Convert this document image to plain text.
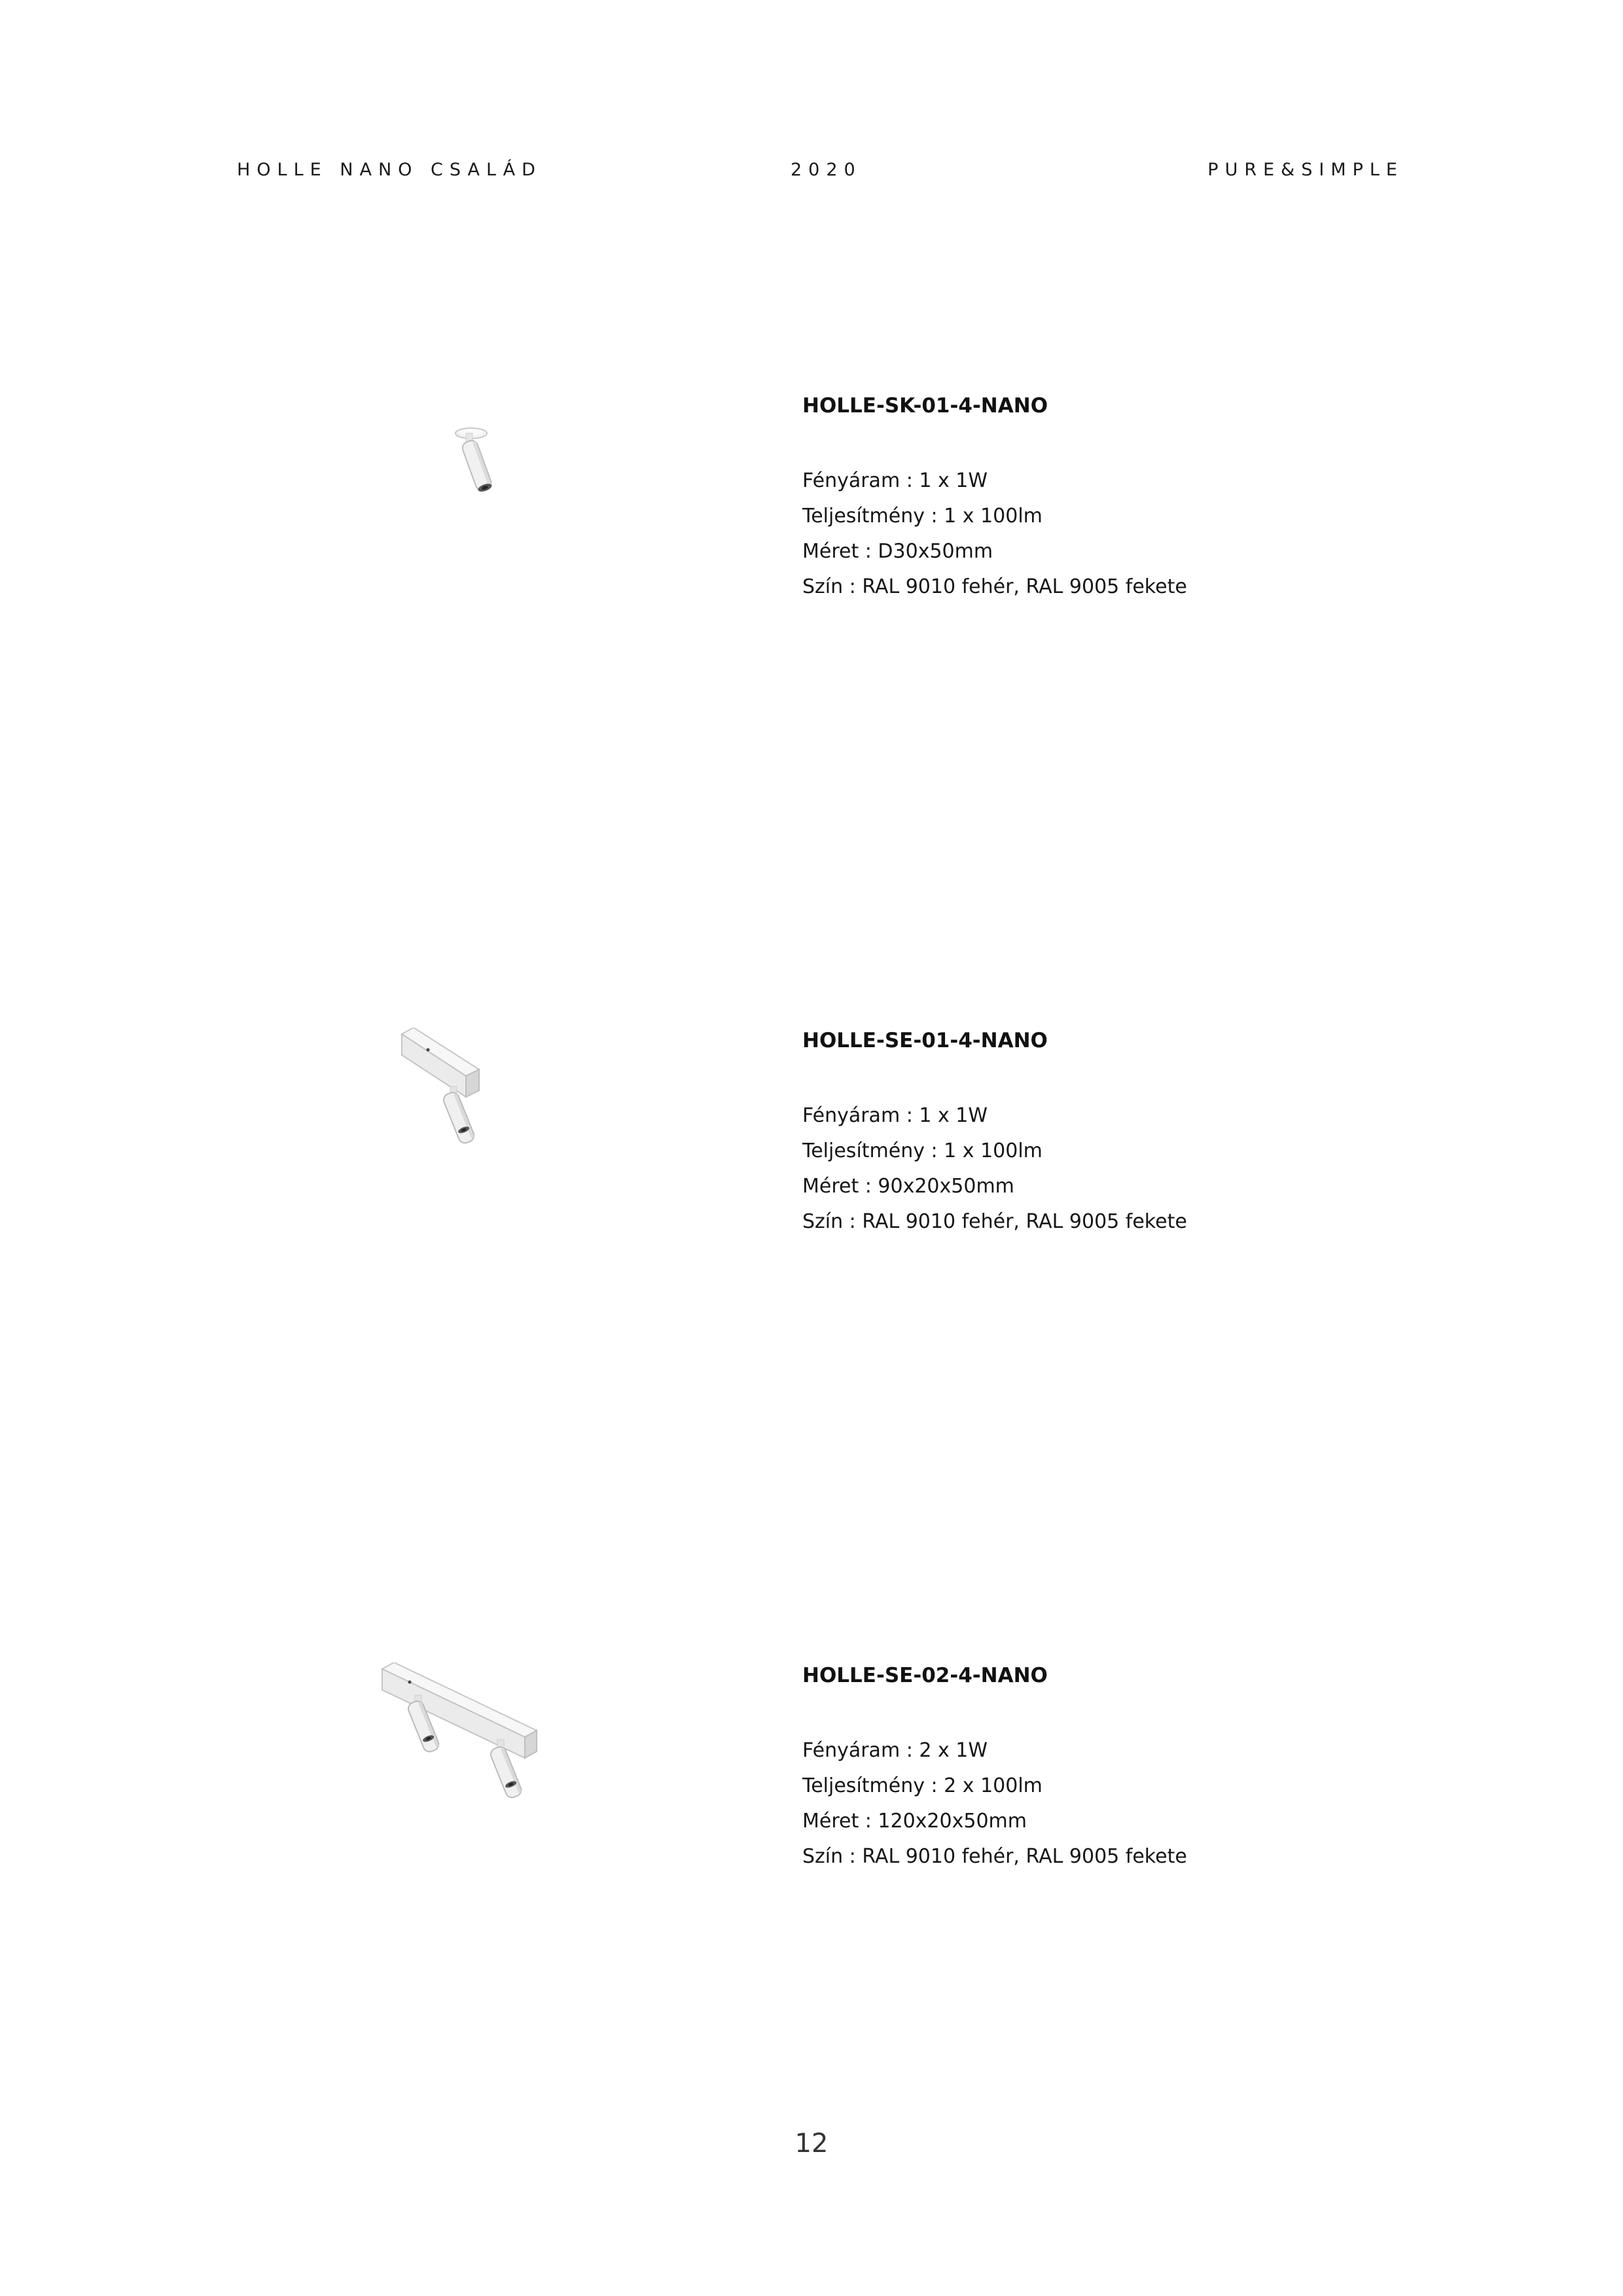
HOLLE NANO CSALÁD	2020	PURE&SIMPLE
HOLLE-SK-01-4-NANO
Fényáram : 1 x 1W
Teljesítmény : 1 x 100lm
Méret : D30x50mm
Szín : RAL 9010 fehér, RAL 9005 fekete
HOLLE-SE-01-4-NANO
Fényáram : 1 x 1W
Teljesítmény : 1 x 100lm
Méret : 90x20x50mm
Szín : RAL 9010 fehér, RAL 9005 fekete
HOLLE-SE-02-4-NANO
Fényáram : 2 x 1W
Teljesítmény : 2 x 100lm
Méret : 120x20x50mm
Szín : RAL 9010 fehér, RAL 9005 fekete
12
